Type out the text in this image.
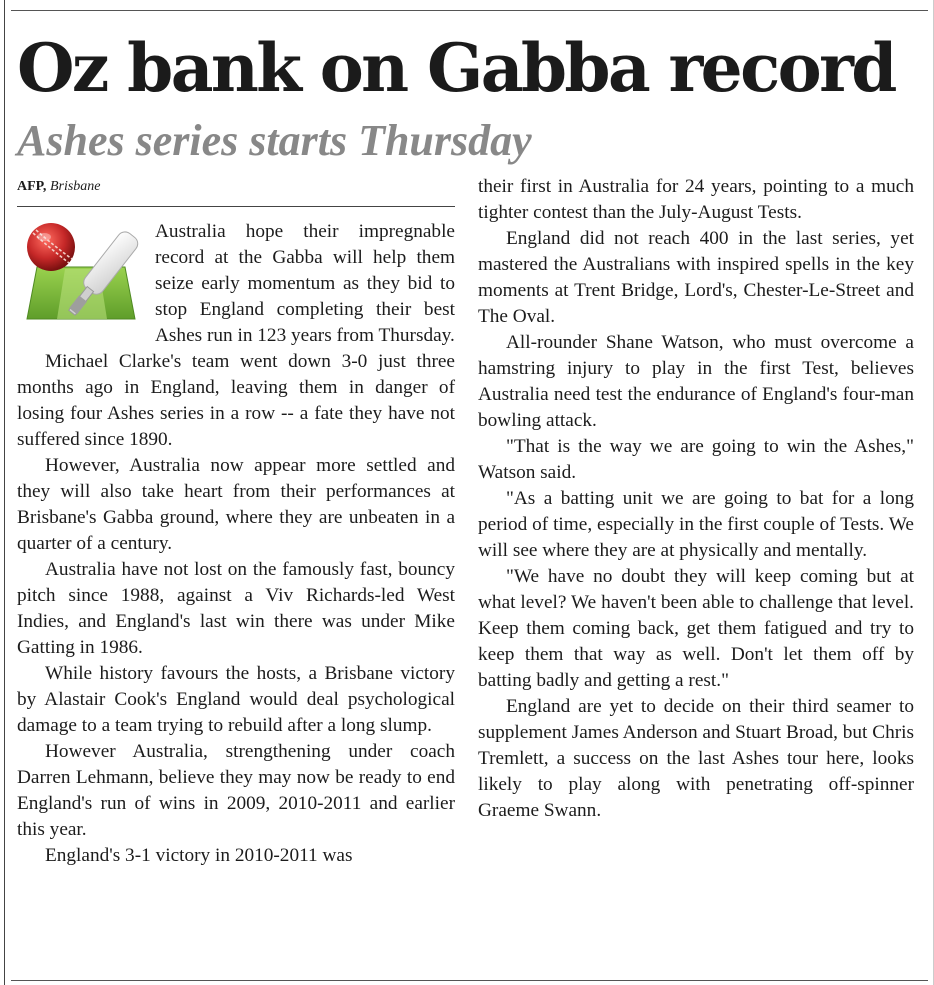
Oz bank on Gabba record
Ashes series starts Thursday
AFP, Brisbane

Australia hope their impregnable record at the Gabba will help them seize early momentum as they bid to stop England completing their best Ashes run in 123 years from Thursday.

Michael Clarke's team went down 3-0 just three months ago in England, leaving them in danger of losing four Ashes series in a row -- a fate they have not suffered since 1890.

However, Australia now appear more settled and they will also take heart from their performances at Brisbane's Gabba ground, where they are unbeaten in a quarter of a century.

Australia have not lost on the famously fast, bouncy pitch since 1988, against a Viv Richards-led West Indies, and England's last win there was under Mike Gatting in 1986.

While history favours the hosts, a Brisbane victory by Alastair Cook's England would deal psychological damage to a team trying to rebuild after a long slump.

However Australia, strengthening under coach Darren Lehmann, believe they may now be ready to end England's run of wins in 2009, 2010-2011 and earlier this year.

England's 3-1 victory in 2010-2011 was

their first in Australia for 24 years, pointing to a much tighter contest than the July-August Tests.

England did not reach 400 in the last series, yet mastered the Australians with inspired spells in the key moments at Trent Bridge, Lord's, Chester-Le-Street and The Oval.

All-rounder Shane Watson, who must overcome a hamstring injury to play in the first Test, believes Australia need test the endurance of England's four-man bowling attack.

"That is the way we are going to win the Ashes," Watson said.

"As a batting unit we are going to bat for a long period of time, especially in the first couple of Tests. We will see where they are at physically and mentally.

"We have no doubt they will keep coming but at what level? We haven't been able to challenge that level. Keep them coming back, get them fatigued and try to keep them that way as well. Don't let them off by batting badly and getting a rest."

England are yet to decide on their third seamer to supplement James Anderson and Stuart Broad, but Chris Tremlett, a success on the last Ashes tour here, looks likely to play along with penetrating off-spinner Graeme Swann.
